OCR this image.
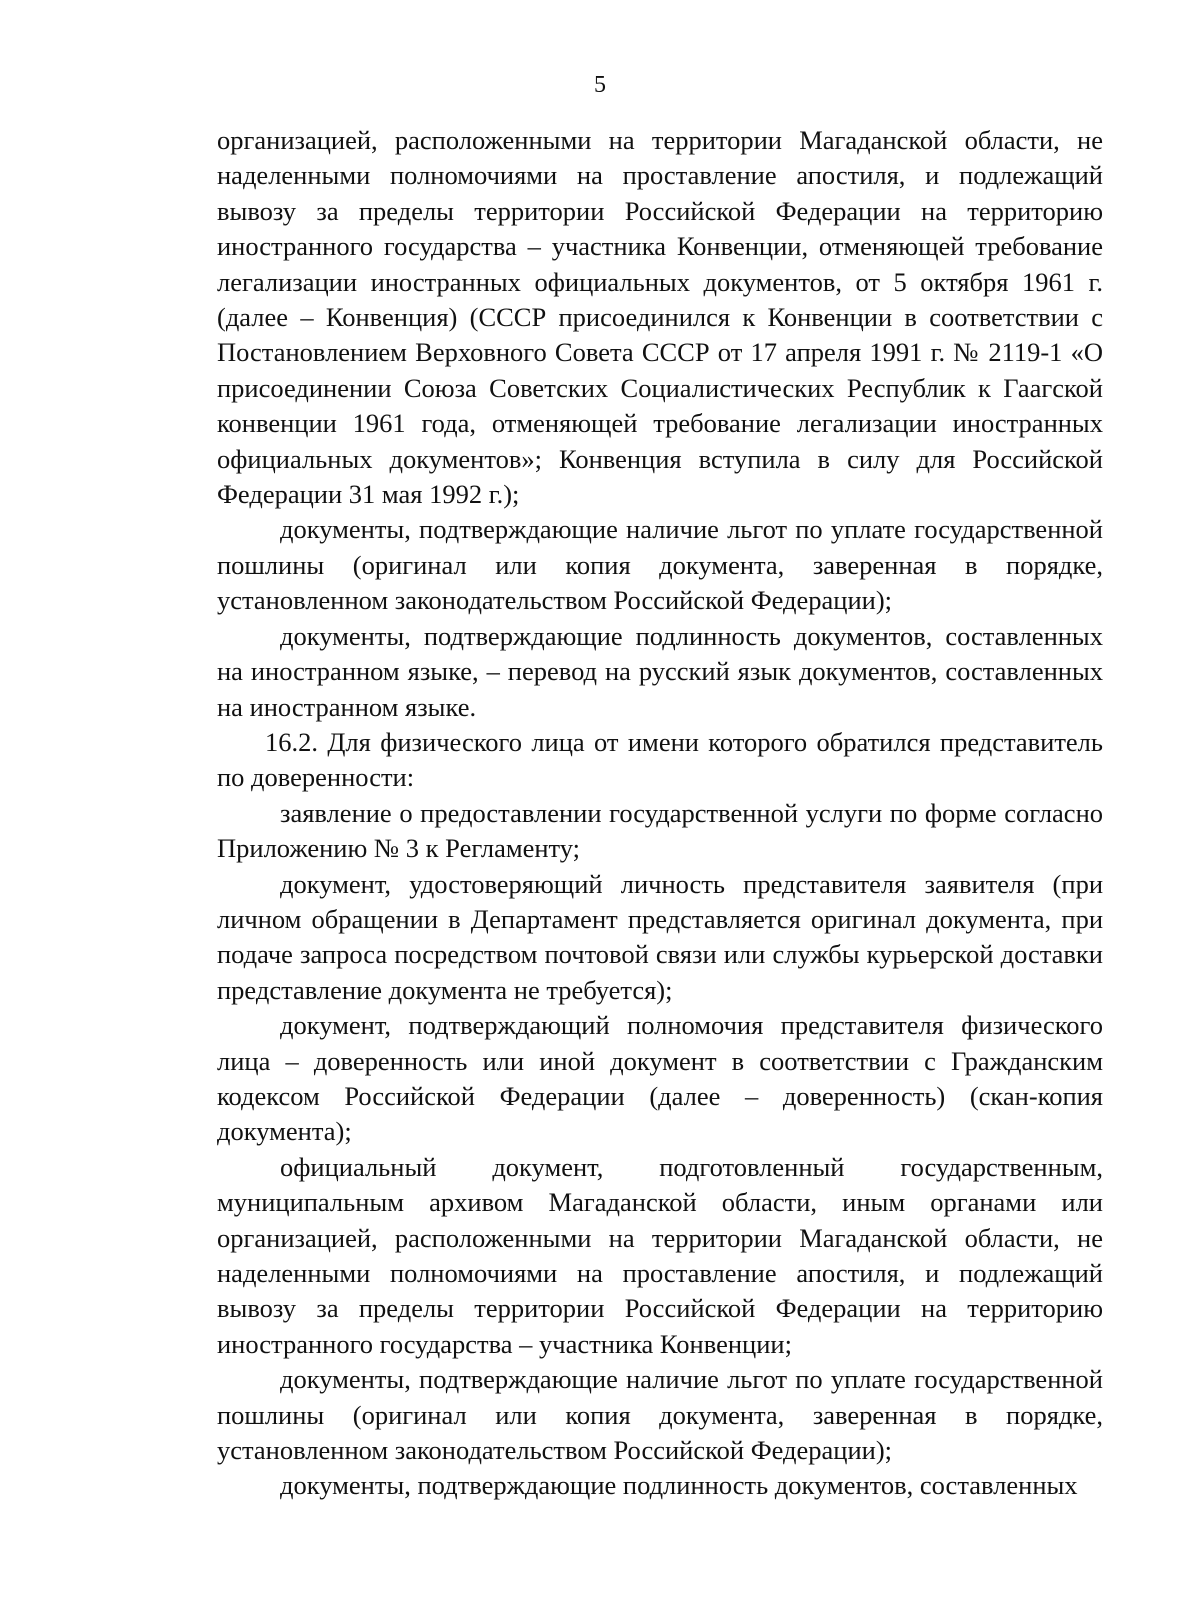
5

организацией, расположенными на территории Магаданской области, не наделенными полномочиями на проставление апостиля, и подлежащий вывозу за пределы территории Российской Федерации на территорию иностранного государства – участника Конвенции, отменяющей требование легализации иностранных официальных документов, от 5 октября 1961 г. (далее – Конвенция) (СССР присоединился к Конвенции в соответствии с Постановлением Верховного Совета СССР от 17 апреля 1991 г. № 2119-1 «О присоединении Союза Советских Социалистических Республик к Гаагской конвенции 1961 года, отменяющей требование легализации иностранных официальных документов»; Конвенция вступила в силу для Российской Федерации 31 мая 1992 г.);

документы, подтверждающие наличие льгот по уплате государственной пошлины (оригинал или копия документа, заверенная в порядке, установленном законодательством Российской Федерации);

документы, подтверждающие подлинность документов, составленных на иностранном языке, – перевод на русский язык документов, составленных на иностранном языке.

16.2. Для физического лица от имени которого обратился представитель по доверенности:

заявление о предоставлении государственной услуги по форме согласно Приложению № 3 к Регламенту;

документ, удостоверяющий личность представителя заявителя (при личном обращении в Департамент представляется оригинал документа, при подаче запроса посредством почтовой связи или службы курьерской доставки представление документа не требуется);

документ, подтверждающий полномочия представителя физического лица – доверенность или иной документ в соответствии с Гражданским кодексом Российской Федерации (далее – доверенность) (скан-копия документа);

официальный документ, подготовленный государственным, муниципальным архивом Магаданской области, иным органами или организацией, расположенными на территории Магаданской области, не наделенными полномочиями на проставление апостиля, и подлежащий вывозу за пределы территории Российской Федерации на территорию иностранного государства – участника Конвенции;

документы, подтверждающие наличие льгот по уплате государственной пошлины (оригинал или копия документа, заверенная в порядке, установленном законодательством Российской Федерации);

документы, подтверждающие подлинность документов, составленных
